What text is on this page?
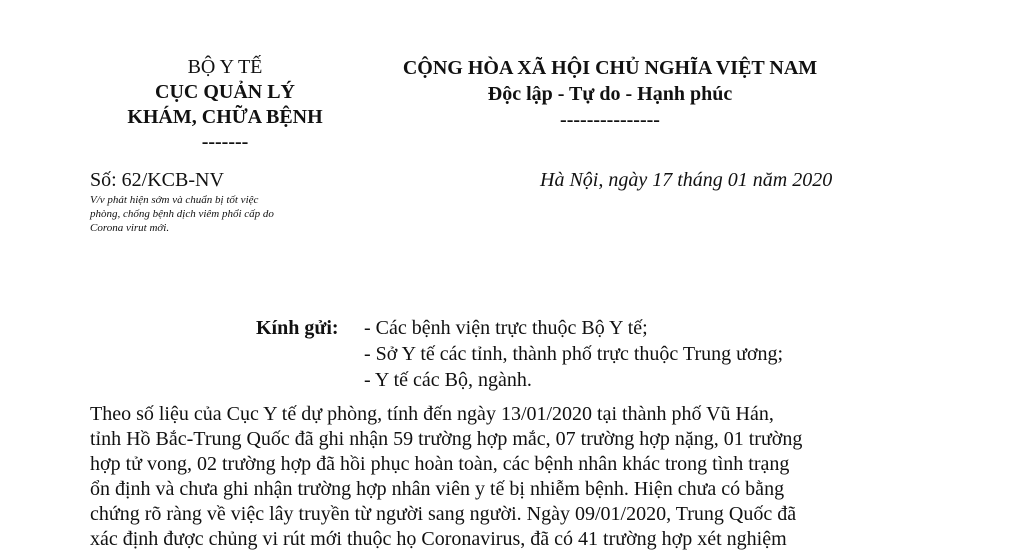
BỘ Y TẾ
CỤC QUẢN LÝ
KHÁM, CHỮA BỆNH
-------
CỘNG HÒA XÃ HỘI CHỦ NGHĨA VIỆT NAM
Độc lập - Tự do - Hạnh phúc
---------------
Số: 62/KCB-NV	Hà Nội, ngày 17 tháng 01 năm 2020
V/v phát hiện sớm và chuẩn bị tốt việc
phòng, chống bệnh dịch viêm phổi cấp do
Corona virut mới.
Kính gửi: - Các bệnh viện trực thuộc Bộ Y tế;
- Sở Y tế các tỉnh, thành phố trực thuộc Trung ương;
- Y tế các Bộ, ngành.
Theo số liệu của Cục Y tế dự phòng, tính đến ngày 13/01/2020 tại thành phố Vũ Hán,
tỉnh Hồ Bắc-Trung Quốc đã ghi nhận 59 trường hợp mắc, 07 trường hợp nặng, 01 trường
hợp tử vong, 02 trường hợp đã hồi phục hoàn toàn, các bệnh nhân khác trong tình trạng
ổn định và chưa ghi nhận trường hợp nhân viên y tế bị nhiễm bệnh. Hiện chưa có bằng
chứng rõ ràng về việc lây truyền từ người sang người. Ngày 09/01/2020, Trung Quốc đã
xác định được chủng vi rút mới thuộc họ Coronavirus, đã có 41 trường hợp xét nghiệm
